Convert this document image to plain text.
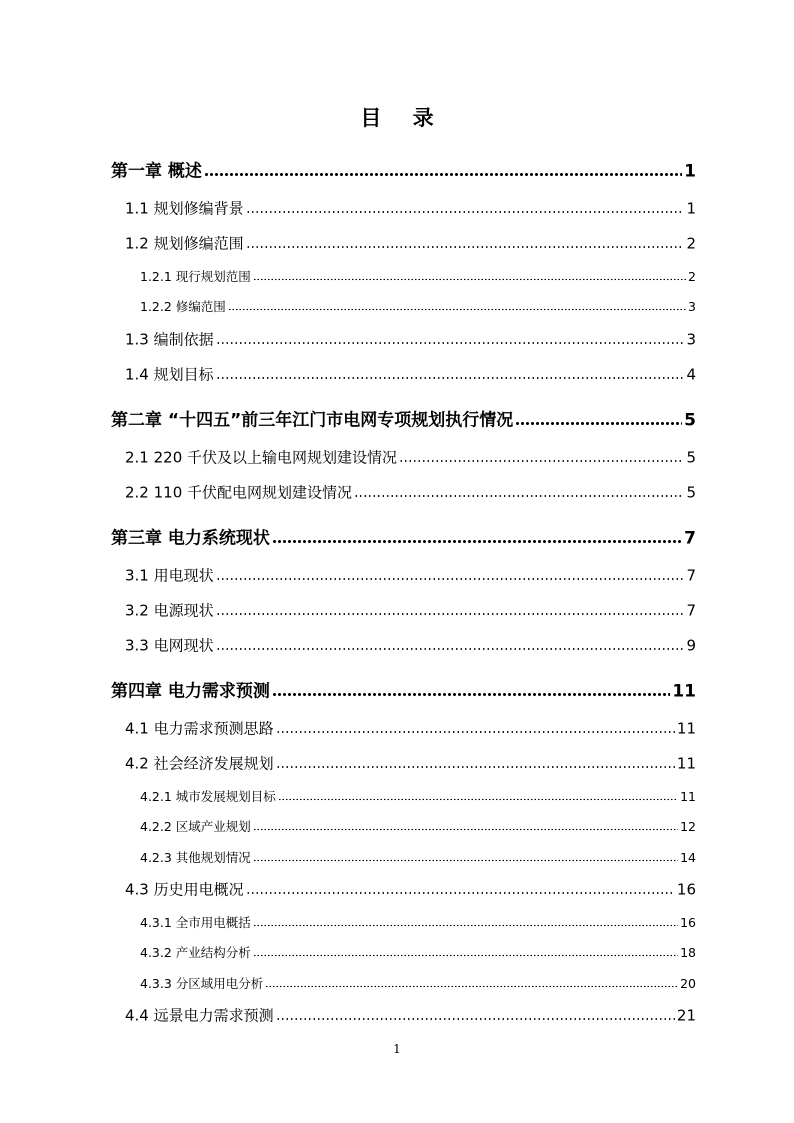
目 录
第一章 概述	1
1.1 规划修编背景	1
1.2 规划修编范围	2
1.2.1 现行规划范围	2
1.2.2 修编范围	3
1.3 编制依据	3
1.4 规划目标	4
第二章 “十四五”前三年江门市电网专项规划执行情况	5
2.1 220 千伏及以上输电网规划建设情况	5
2.2 110 千伏配电网规划建设情况	5
第三章 电力系统现状	7
3.1 用电现状	7
3.2 电源现状	7
3.3 电网现状	9
第四章 电力需求预测	11
4.1 电力需求预测思路	11
4.2 社会经济发展规划	11
4.2.1 城市发展规划目标	11
4.2.2 区域产业规划	12
4.2.3 其他规划情况	14
4.3 历史用电概况	16
4.3.1 全市用电概括	16
4.3.2 产业结构分析	18
4.3.3 分区域用电分析	20
4.4 远景电力需求预测	21
1
